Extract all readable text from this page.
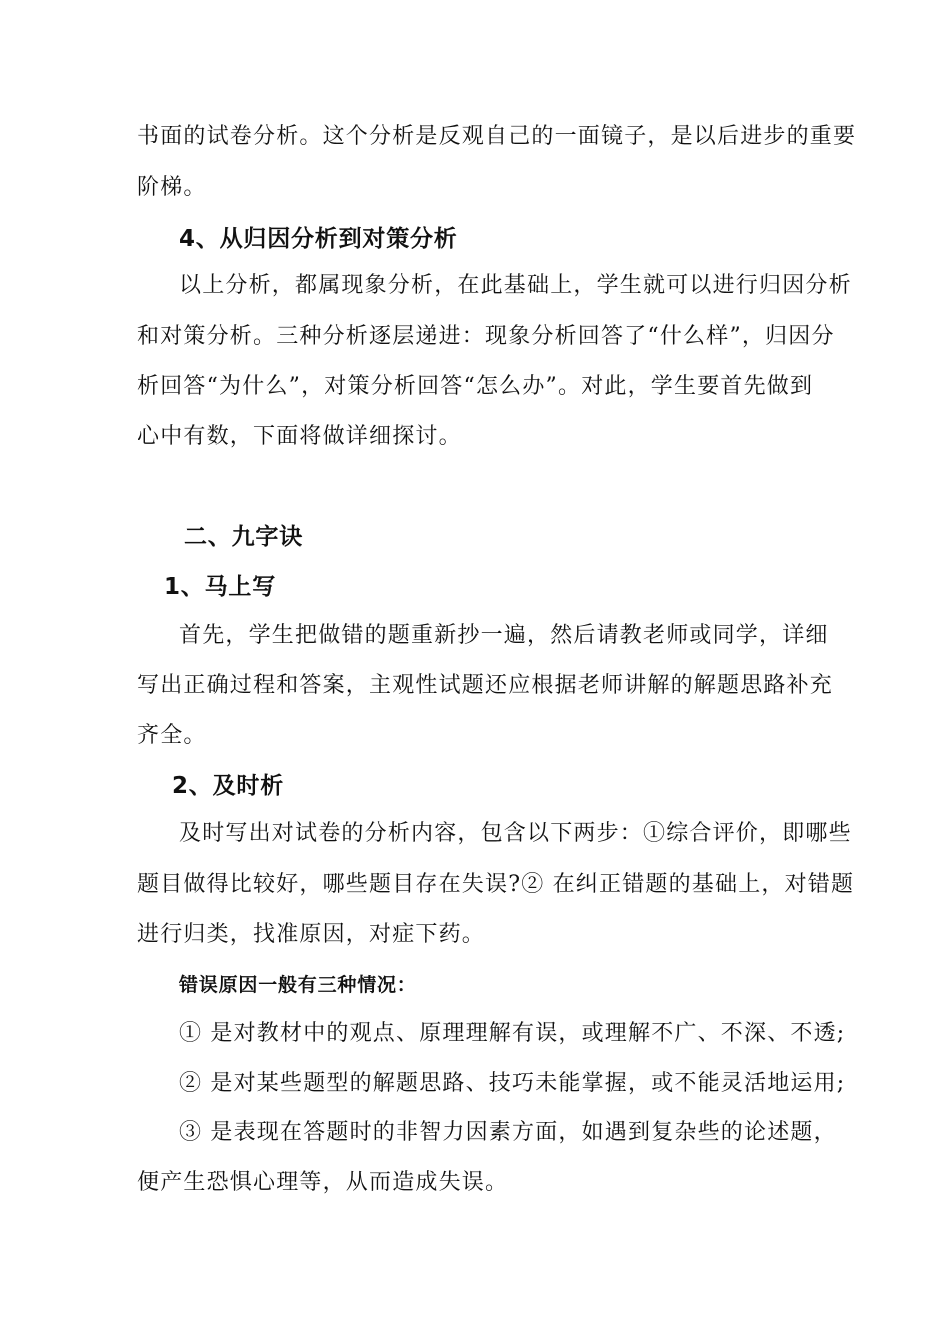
书面的试卷分析。这个分析是反观自己的一面镜子，是以后进步的重要
阶梯。
4、从归因分析到对策分析
以上分析，都属现象分析，在此基础上，学生就可以进行归因分析
和对策分析。三种分析逐层递进：现象分析回答了“什么样”，归因分
析回答“为什么”，对策分析回答“怎么办”。对此，学生要首先做到
心中有数，下面将做详细探讨。
二、九字诀
1、马上写
首先，学生把做错的题重新抄一遍，然后请教老师或同学，详细
写出正确过程和答案，主观性试题还应根据老师讲解的解题思路补充
齐全。
2、及时析
及时写出对试卷的分析内容，包含以下两步：①综合评价，即哪些
题目做得比较好，哪些题目存在失误?② 在纠正错题的基础上，对错题
进行归类，找准原因，对症下药。
错误原因一般有三种情况：
① 是对教材中的观点、原理理解有误，或理解不广、不深、不透;
② 是对某些题型的解题思路、技巧未能掌握，或不能灵活地运用;
③ 是表现在答题时的非智力因素方面，如遇到复杂些的论述题，
便产生恐惧心理等，从而造成失误。
